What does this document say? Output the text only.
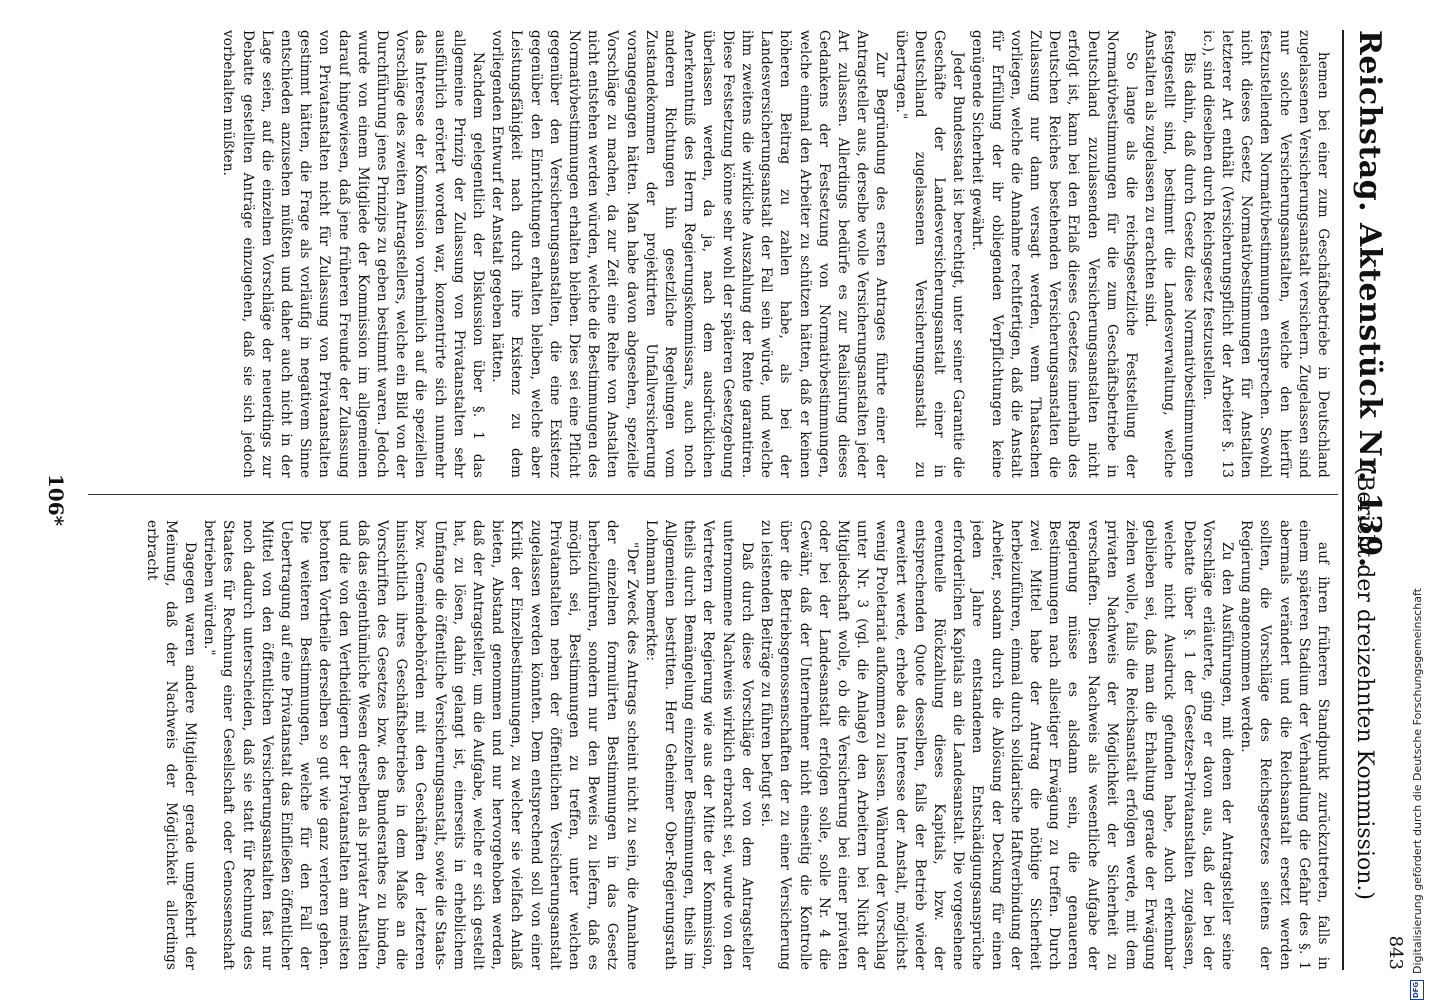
Reichstag. Aktenstück Nr. 139.
(Bericht der dreizehnten Kommission.)
843

hemen bei einer zum Geschäftsbetriebe in Deutschland zugelassenen Versicherungsanstalt versichern. Zugelassen sind nur solche Versicherungsanstalten, welche den hierfür festzustellenden Normativbestimmungen entsprechen. Sowohl nicht dieses Gesetz Normativbestimmungen für Anstalten letzterer Art enthält (Versicherungspflicht der Arbeiter §. 13 ic.), sind dieselben durch Reichsgesetz festzustellen.

Bis dahin, daß durch Gesetz diese Normativbestimmungen festgestellt sind, bestimmt die Landesverwaltung, welche Anstalten als zugelassen zu erachten sind.

So lange als die reichsgesetzliche Feststellung der Normativbestimmungen für die zum Geschäftsbetriebe in Deutschland zuzulassenden Versicherungsanstalten nicht erfolgt ist, kann bei den Erlaß dieses Gesetzes innerhalb des Deutschen Reiches bestehenden Versicherungsanstalten die Zulassung nur dann versagt werden, wenn Thatsachen vorliegen, welche die Annahme rechtfertigen, daß die Anstalt für Erfüllung der ihr obliegenden Verpflichtungen keine genügende Sicherheit gewährt.

Jeder Bundesstaat ist berechtigt, unter seiner Garantie die Geschäfte der Landesversicherungsanstalt einer in Deutschland zugelassenen Versicherungsanstalt zu übertragen."

Zur Begründung des ersten Antrages führte einer der Antragsteller aus, derselbe wolle Versicherungsanstalten jeder Art zulassen. Allerdings bedürfe es zur Realisirung dieses Gedankens der Festsetzung von Normativbestimmungen, welche einmal den Arbeiter zu schützen hätten, daß er keinen höheren Beitrag zu zahlen habe, als bei der Landesversicherungsanstalt der Fall sein würde, und welche ihm zweitens die wirkliche Auszahlung der Rente garantiren. Diese Festsetzung könne sehr wohl der späteren Gesetzgebung überlassen werden, da ja, nach dem ausdrücklichen Anerkenntniß des Herrn Regierungskommissars, auch noch anderen Richtungen hin gesetzliche Regelungen vom Zustandekommen der projektirten Unfallversicherung vorangegangen hätten. Man habe davon abgesehen, spezielle Vorschläge zu machen, da zur Zeit eine Reihe von Anstalten nicht entstehen werden würden, welche die Bestimmungen des Normativbestimmungen erhalten bleiben. Dies sei eine Pflicht gegenüber den Versicherungsanstalten, die eine Existenz gegenüber den Einrichtungen erhalten bleiben, welche aber Leistungsfähigkeit nach durch ihre Existenz zu dem vorliegenden Entwurf der Anstalt gegeben hätten.

Nachdem gelegentlich der Diskussion über §. 1 das allgemeine Prinzip der Zulassung von Privatanstalten sehr ausführlich erörtert worden war, konzentrirte sich nunmehr das Interesse der Kommission vornehmlich auf die speziellen Vorschläge des zweiten Antragstellers, welche ein Bild von der Durchführung jenes Prinzips zu geben bestimmt waren. Jedoch wurde von einem Mitgliede der Kommission im allgemeinen darauf hingewiesen, daß jene früheren Freunde der Zulassung von Privatanstalten nicht für Zulassung von Privatanstalten gestimmt hätten, die Frage als vorläufig in negativem Sinne entschieden anzusehen müßten und daher auch nicht in der Lage seien, auf die einzelnen Vorschläge der neuerdings zur Debatte gestellten Anträge einzugehen, daß sie sich jedoch vorbehalten müßten.

auf ihren früheren Standpunkt zurückzutreten, falls in einem späteren Stadium der Verhandlung die Gefahr des §. 1 abermals verändert und die Reichsanstalt ersetzt werden sollten, die Vorschläge des Reichsgesetzes seitens der Regierung angenommen werden.

Zu den Ausführungen, mit denen der Antragsteller seine Vorschläge erläuterte, ging er davon aus, daß der bei der Debatte über §. 1 der Gesetzes-Privatanstalten zugelassen, welche nicht Ausdruck gefunden habe, Auch erkennbar geblieben sei, daß man die Erhaltung gerade der Erwägung ziehen wolle, falls die Reichsanstalt erfolgen werde, mit dem privaten Nachweis der Möglichkeit der Sicherheit zu verschaffen. Diesen Nachweis als wesentliche Aufgabe der Regierung müsse es alsdann sein, die genaueren Bestimmungen nach allseitiger Erwägung zu treffen. Durch zwei Mittel habe der Antrag die nöthige Sicherheit herbeizuführen, einmal durch solidarische Haftverbindung der Arbeiter, sodann durch die Ablösung der Deckung für einen jeden Jahre entstandenen Entschädigungsansprüche erforderlichen Kapitals an die Landesanstalt. Die vorgesehene eventuelle Rückzahlung dieses Kapitals, bzw. der entsprechenden Quote desselben, falls der Betrieb wieder erweitert werde, erhebe das Interesse der Anstalt, möglichst wenig Proletariat aufkommen zu lassen. Während der Vorschlag unter Nr. 3 (vgl. die Anlage) den Arbeitern bei Nicht der Mitgliedschaft wolle, ob die Versicherung bei einer privaten oder bei der Landesanstalt erfolgen solle, solle Nr. 4 die Gewähr, daß der Unternehmer nicht einseitig die Kontrolle über die Betriebsgenossenschaften der zu einer Versicherung zu leistenden Beiträge zu führen befugt sei.

Daß durch diese Vorschläge der von dem Antragsteller unternommene Nachweis wirklich erbracht sei, wurde von den Vertretern der Regierung wie aus der Mitte der Kommission, theils durch Bemängelung einzelner Bestimmungen, theils im Allgemeinen bestritten. Herr Geheimer Ober-Regierungsrath Lohmann bemerkte:

"Der Zweck des Antrags scheint nicht zu sein, die Annahme der einzelnen formulirten Bestimmungen in das Gesetz herbeizuführen, sondern nur den Beweis zu liefern, daß es möglich sei, Bestimmungen zu treffen, unter welchen Privatanstalten neben der öffentlichen Versicherungsanstalt zugelassen werden könnten. Dem entsprechend soll von einer Kritik der Einzelbestimmungen, zu welcher sie vielfach Anlaß bieten, Abstand genommen und nur hervorgehoben werden, daß der Antragsteller, um die Aufgabe, welche er sich gestellt hat, zu lösen, dahin gelangt ist, einerseits in erheblichem Umfange die öffentliche Versicherungsanstalt, sowie die Staats- bzw. Gemeindebehörden mit den Geschäften der letzteren hinsichtlich ihres Geschäftsbetriebes in dem Maße an die Vorschriften des Gesetzes bzw. des Bundesrathes zu binden, daß das eigenthümliche Wesen derselben als privater Anstalten und die von den Vertheidigern der Privatanstalten am meisten betonten Vortheile derselben so gut wie ganz verloren gehen. Die weiteren Bestimmungen, welche für den Fall der Uebertragung auf eine Privatanstalt das Einfließen öffentlicher Mittel von den öffentlichen Versicherungsanstalten fast nur noch dadurch unterscheiden, daß sie statt für Rechnung des Staates für Rechnung einer Gesellschaft oder Genossenschaft betrieben würden."

Dagegen waren andere Mitglieder gerade umgekehrt der Meinung, daß der Nachweis der Möglichkeit allerdings erbracht

106*
DFG
Digitalisierung gefördert durch die Deutsche Forschungsgemeinschaft
